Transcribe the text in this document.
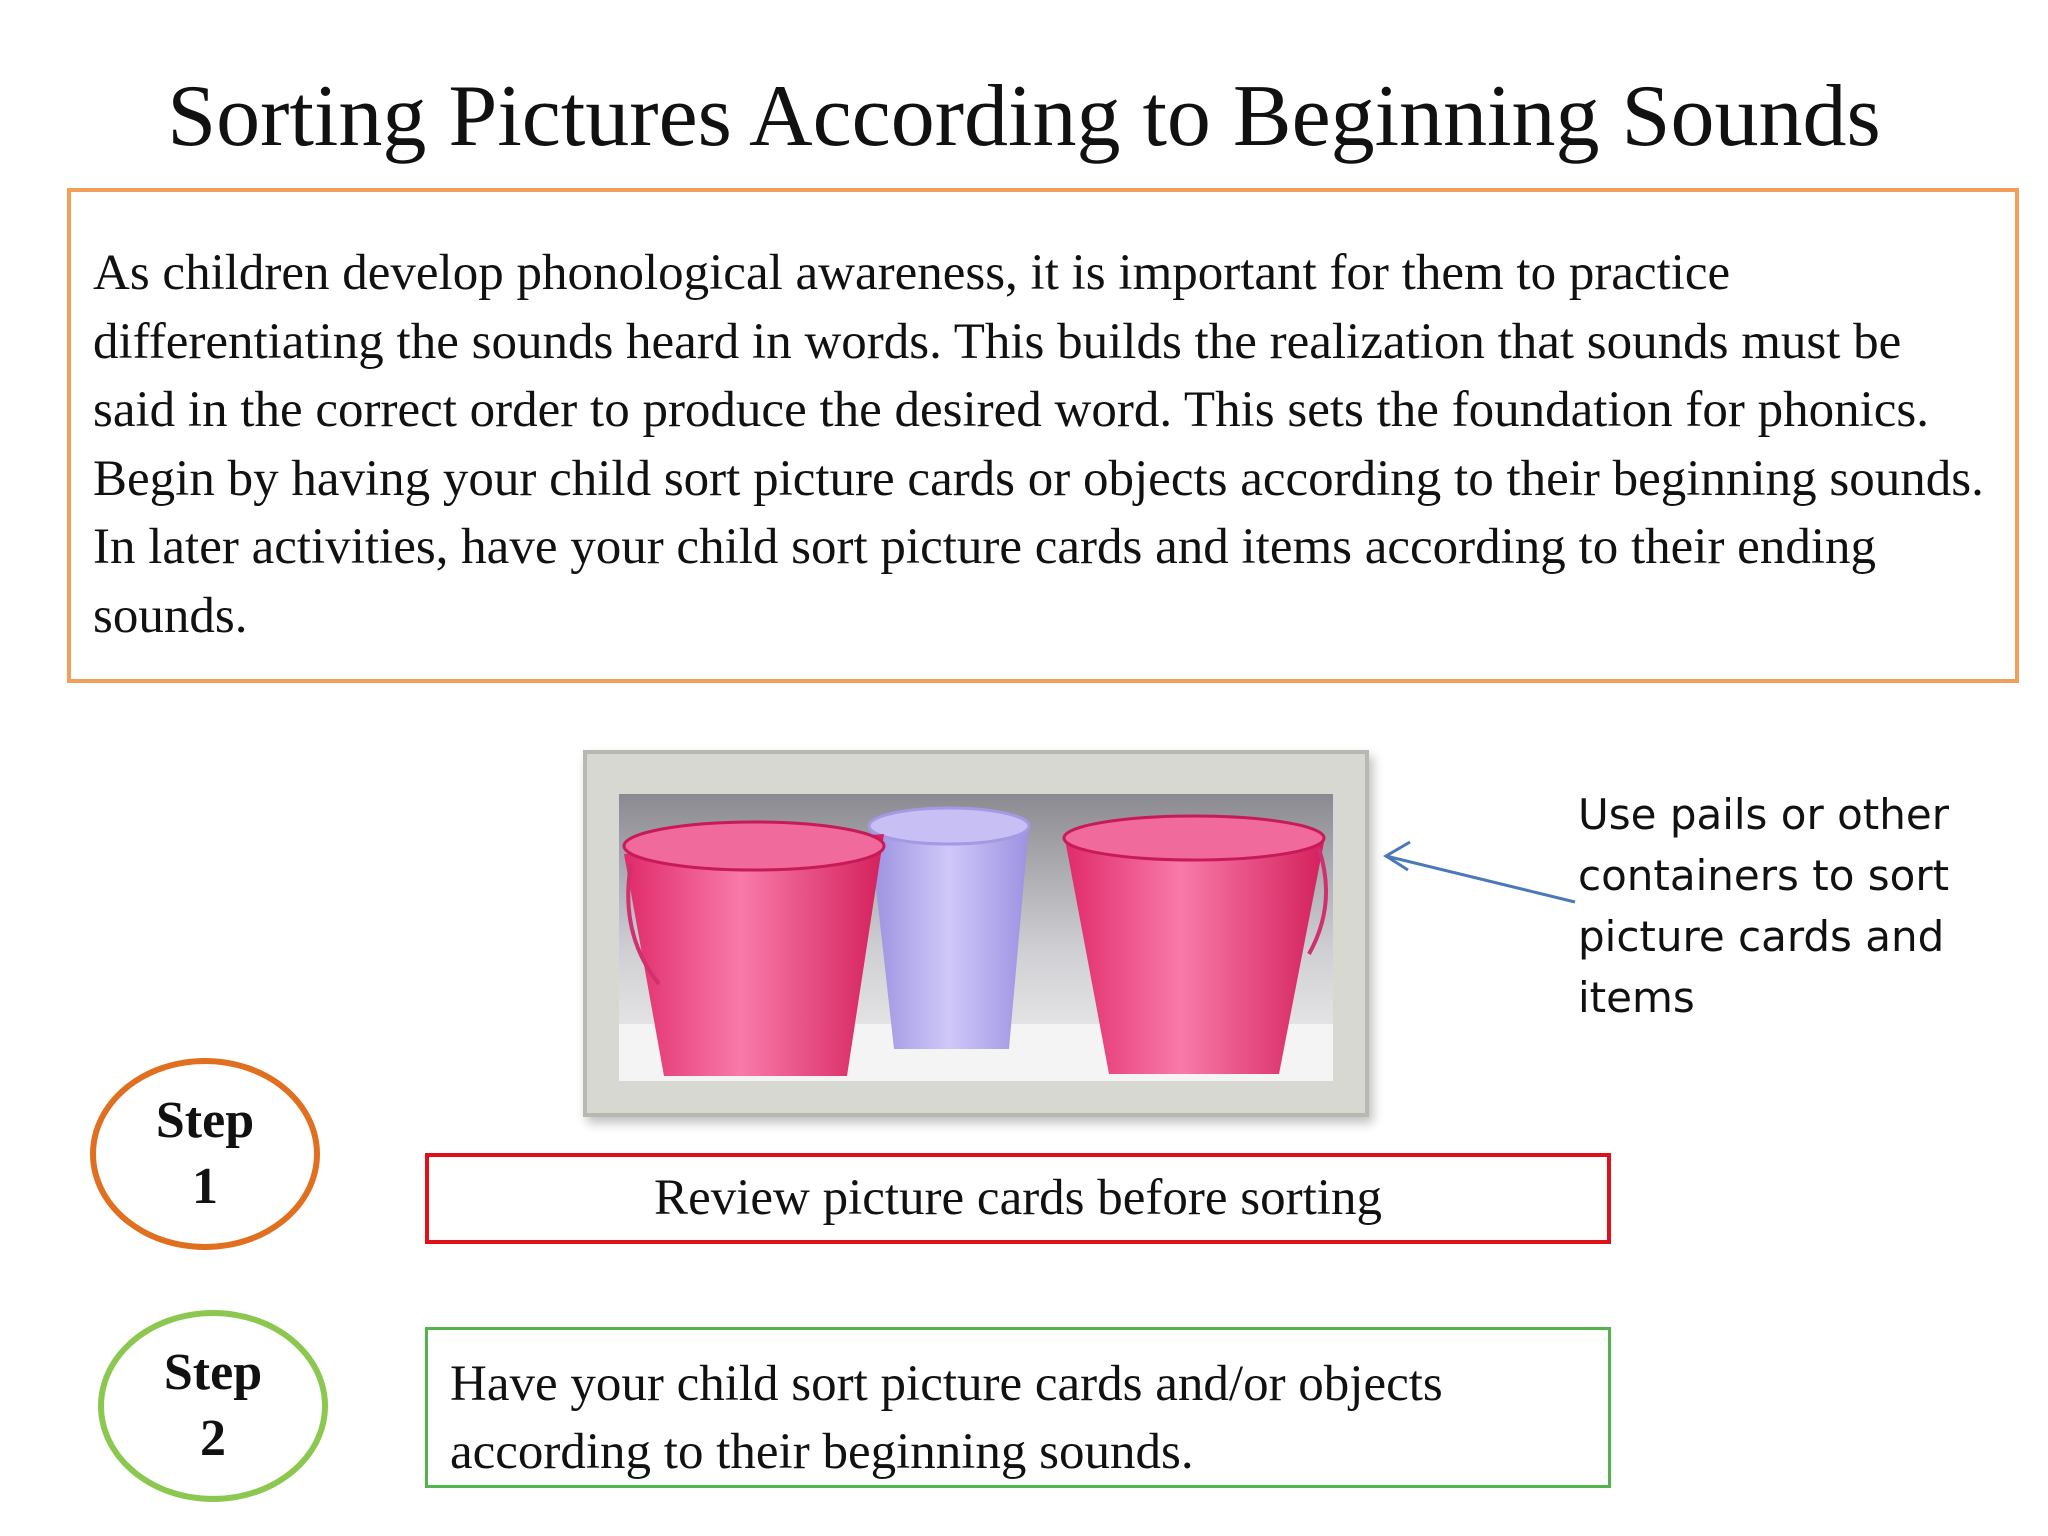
Sorting Pictures According to Beginning Sounds

As children develop phonological awareness, it is important for them to practice differentiating the sounds heard in words. This builds the realization that sounds must be said in the correct order to produce the desired word. This sets the foundation for phonics. Begin by having your child sort picture cards or objects according to their beginning sounds. In later activities, have your child sort picture cards and items according to their ending sounds.

Use pails or other containers to sort picture cards and items
Step
1	Review picture cards before sorting
Step
2
Have your child sort picture cards and/or objects according to their beginning sounds.
